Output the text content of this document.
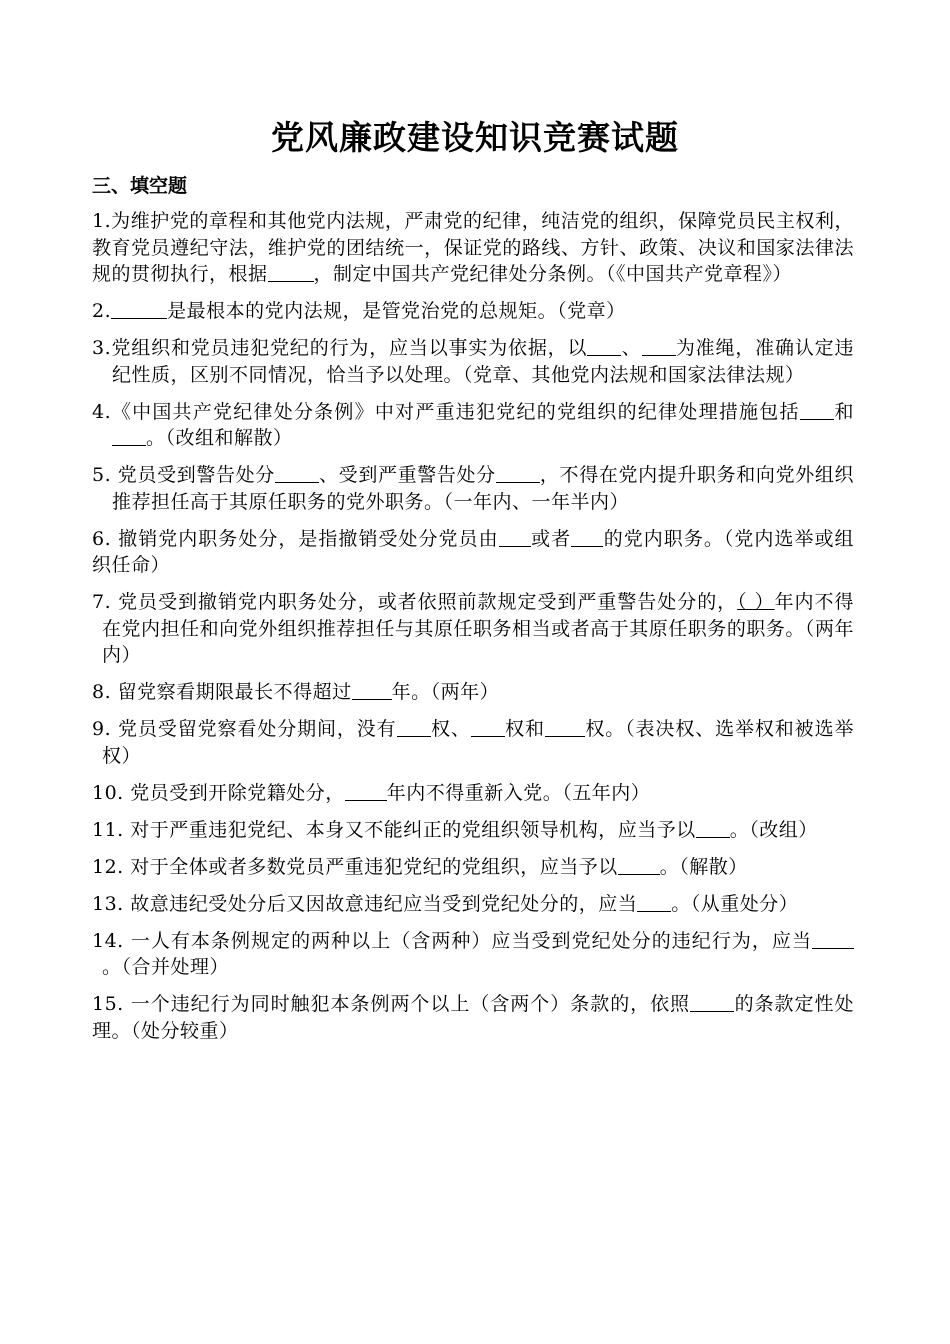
党风廉政建设知识竞赛试题
三、填空题

1.为维护党的章程和其他党内法规，严肃党的纪律，纯洁党的组织，保障党员民主权利，教育党员遵纪守法，维护党的团结统一，保证党的路线、方针、政策、决议和国家法律法规的贯彻执行，根据 ，制定中国共产党纪律处分条例。（《中国共产党章程》）

2.	是最根本的党内法规，是管党治党的总规矩。（党章）

3.党组织和党员违犯党纪的行为，应当以事实为依据，以 、 为准绳，准确认定违纪性质，区别不同情况，恰当予以处理。（党章、其他党内法规和国家法律法规）

4.《中国共产党纪律处分条例》中对严重违犯党纪的党组织的纪律处理措施包括 和。（改组和解散）

5. 党员受到警告处分 、受到严重警告处分 ，不得在党内提升职务和向党外组织推荐担任高于其原任职务的党外职务。（一年内、一年半内）

6. 撤销党内职务处分，是指撤销受处分党员由 或者 的党内职务。（党内选举或组织任命）

7. 党员受到撤销党内职务处分，或者依照前款规定受到严重警告处分的，（ ）年内不得在党内担任和向党外组织推荐担任与其原任职务相当或者高于其原任职务的职务。（两年内）

8. 留党察看期限最长不得超过 年。（两年）

9. 党员受留党察看处分期间，没有 权、 权和 权。（表决权、选举权和被选举权）

10. 党员受到开除党籍处分， 年内不得重新入党。（五年内）

11. 对于严重违犯党纪、本身又不能纠正的党组织领导机构，应当予以 。（改组）

12. 对于全体或者多数党员严重违犯党纪的党组织，应当予以 。（解散）

13. 故意违纪受处分后又因故意违纪应当受到党纪处分的，应当 。（从重处分）

14. 一人有本条例规定的两种以上（含两种）应当受到党纪处分的违纪行为，应当。（合并处理）

15. 一个违纪行为同时触犯本条例两个以上（含两个）条款的，依照 的条款定性处理。（处分较重）
